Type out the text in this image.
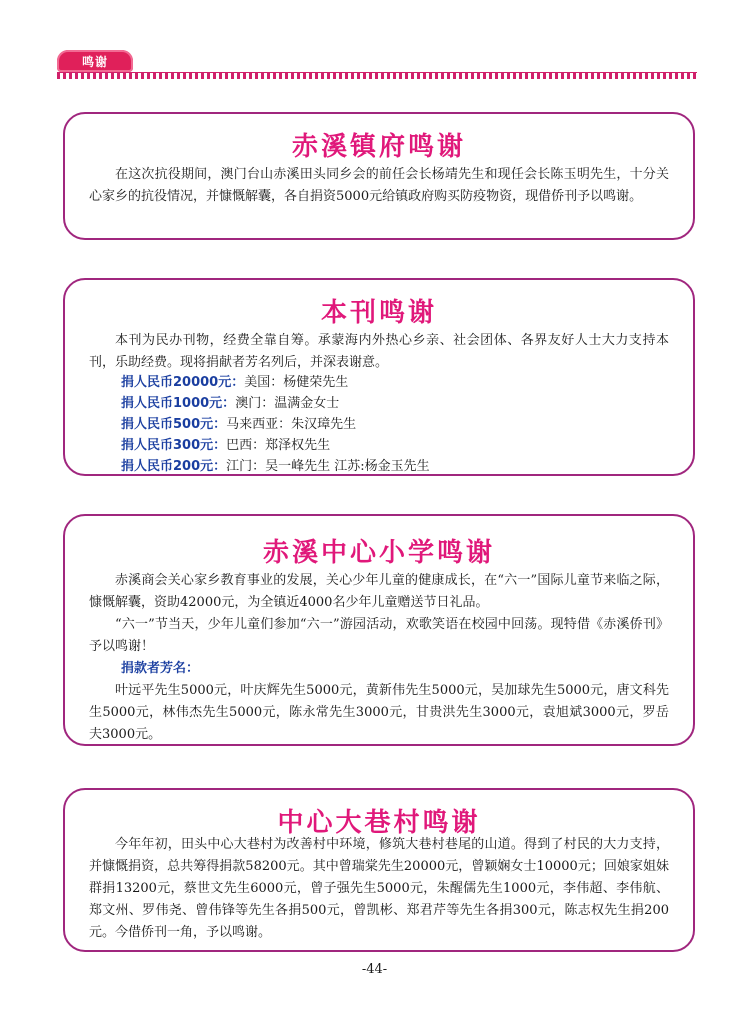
鸣谢
赤溪镇府鸣谢

在这次抗役期间，澳门台山赤溪田头同乡会的前任会长杨靖先生和现任会长陈玉明先生，十分关心家乡的抗役情况，并慷慨解囊，各自捐资5000元给镇政府购买防疫物资，现借侨刊予以鸣谢。

本刊鸣谢

本刊为民办刊物，经费全靠自筹。承蒙海内外热心乡亲、社会团体、各界友好人士大力支持本刊，乐助经费。现将捐献者芳名列后，并深表谢意。

捐人民币20000元：美国：杨健荣先生
捐人民币1000元：澳门：温满金女士
捐人民币500元：马来西亚：朱汉璋先生
捐人民币300元：巴西：郑泽权先生
捐人民币200元：江门：吴一峰先生 江苏:杨金玉先生
赤溪中心小学鸣谢

赤溪商会关心家乡教育事业的发展，关心少年儿童的健康成长，在“六一”国际儿童节来临之际，慷慨解囊，资助42000元，为全镇近4000名少年儿童赠送节日礼品。

“六一”节当天，少年儿童们参加“六一”游园活动，欢歌笑语在校园中回荡。现特借《赤溪侨刊》予以鸣谢！

捐款者芳名：

叶远平先生5000元，叶庆辉先生5000元，黄新伟先生5000元，吴加球先生5000元，唐文科先生5000元，林伟杰先生5000元，陈永常先生3000元，甘贵洪先生3000元，袁旭斌3000元，罗岳夫3000元。

中心大巷村鸣谢

今年年初，田头中心大巷村为改善村中环境，修筑大巷村巷尾的山道。得到了村民的大力支持，并慷慨捐资，总共筹得捐款58200元。其中曾瑞棠先生20000元，曾颖娴女士10000元；回娘家姐妹群捐13200元，蔡世文先生6000元，曾子强先生5000元，朱醒儒先生1000元，李伟超、李伟航、郑文州、罗伟尧、曾伟锋等先生各捐500元，曾凯彬、郑君芹等先生各捐300元，陈志权先生捐200元。今借侨刊一角，予以鸣谢。

-44-
